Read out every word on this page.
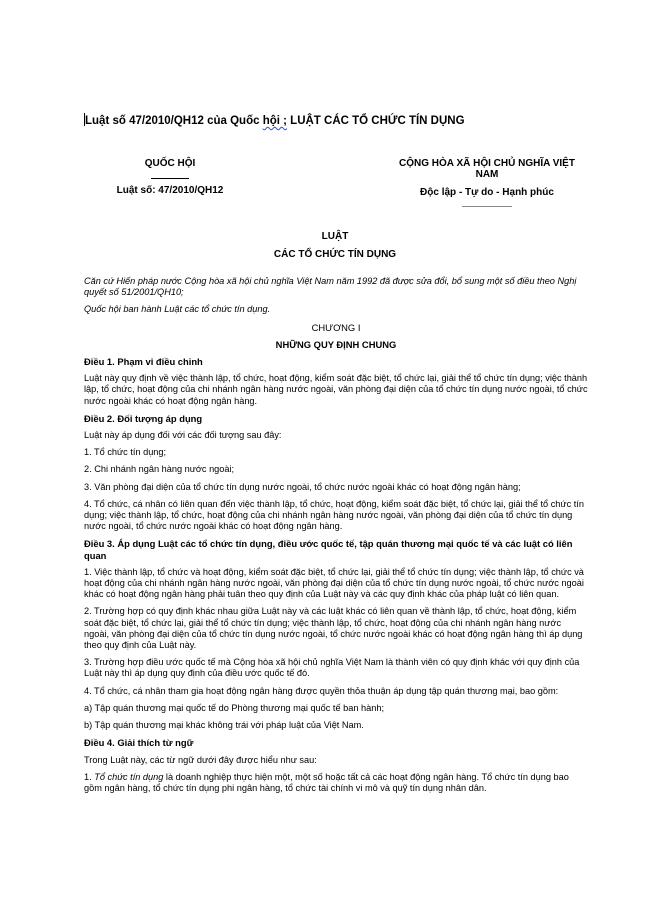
Luật số 47/2010/QH12 của Quốc hội ; LUẬT CÁC TỔ CHỨC TÍN DỤNG
QUỐC HỘI
Luật số: 47/2010/QH12
CỘNG HÒA XÃ HỘI CHỦ NGHĨA VIỆT NAM
Độc lập - Tự do - Hạnh phúc
LUẬT
CÁC TỔ CHỨC TÍN DỤNG

Căn cứ Hiến pháp nước Cộng hòa xã hội chủ nghĩa Việt Nam năm 1992 đã được sửa đổi, bổ sung một số điều theo Nghị quyết số 51/2001/QH10;

Quốc hội ban hành Luật các tổ chức tín dụng.

CHƯƠNG I

NHỮNG QUY ĐỊNH CHUNG

Điều 1. Phạm vi điều chỉnh

Luật này quy định về việc thành lập, tổ chức, hoạt động, kiểm soát đặc biệt, tổ chức lại, giải thể tổ chức tín dụng; việc thành lập, tổ chức, hoạt động của chi nhánh ngân hàng nước ngoài, văn phòng đại diện của tổ chức tín dụng nước ngoài, tổ chức nước ngoài khác có hoạt động ngân hàng.

Điều 2. Đối tượng áp dụng

Luật này áp dụng đối với các đối tượng sau đây:

1. Tổ chức tín dụng;

2. Chi nhánh ngân hàng nước ngoài;

3. Văn phòng đại diện của tổ chức tín dụng nước ngoài, tổ chức nước ngoài khác có hoạt động ngân hàng;

4. Tổ chức, cá nhân có liên quan đến việc thành lập, tổ chức, hoạt động, kiểm soát đặc biệt, tổ chức lại, giải thể tổ chức tín dụng; việc thành lập, tổ chức, hoạt động của chi nhánh ngân hàng nước ngoài, văn phòng đại diện của tổ chức tín dụng nước ngoài, tổ chức nước ngoài khác có hoạt động ngân hàng.

Điều 3. Áp dụng Luật các tổ chức tín dụng, điều ước quốc tế, tập quán thương mại quốc tế và các luật có liên quan

1. Việc thành lập, tổ chức và hoạt động, kiểm soát đặc biệt, tổ chức lại, giải thể tổ chức tín dụng; việc thành lập, tổ chức và hoạt động của chi nhánh ngân hàng nước ngoài, văn phòng đại diện của tổ chức tín dụng nước ngoài, tổ chức nước ngoài khác có hoạt động ngân hàng phải tuân theo quy định của Luật này và các quy định khác của pháp luật có liên quan.

2. Trường hợp có quy định khác nhau giữa Luật này và các luật khác có liên quan về thành lập, tổ chức, hoạt động, kiểm soát đặc biệt, tổ chức lại, giải thể tổ chức tín dụng; việc thành lập, tổ chức, hoạt động của chi nhánh ngân hàng nước ngoài, văn phòng đại diện của tổ chức tín dụng nước ngoài, tổ chức nước ngoài khác có hoạt động ngân hàng thì áp dụng theo quy định của Luật này.

3. Trường hợp điều ước quốc tế mà Cộng hòa xã hội chủ nghĩa Việt Nam là thành viên có quy định khác với quy định của Luật này thì áp dụng quy định của điều ước quốc tế đó.

4. Tổ chức, cá nhân tham gia hoạt động ngân hàng được quyền thỏa thuận áp dụng tập quán thương mại, bao gồm:

a) Tập quán thương mại quốc tế do Phòng thương mại quốc tế ban hành;

b) Tập quán thương mại khác không trái với pháp luật của Việt Nam.

Điều 4. Giải thích từ ngữ

Trong Luật này, các từ ngữ dưới đây được hiểu như sau:

1. Tổ chức tín dụng là doanh nghiệp thực hiện một, một số hoặc tất cả các hoạt động ngân hàng. Tổ chức tín dụng bao gồm ngân hàng, tổ chức tín dụng phi ngân hàng, tổ chức tài chính vi mô và quỹ tín dụng nhân dân.
